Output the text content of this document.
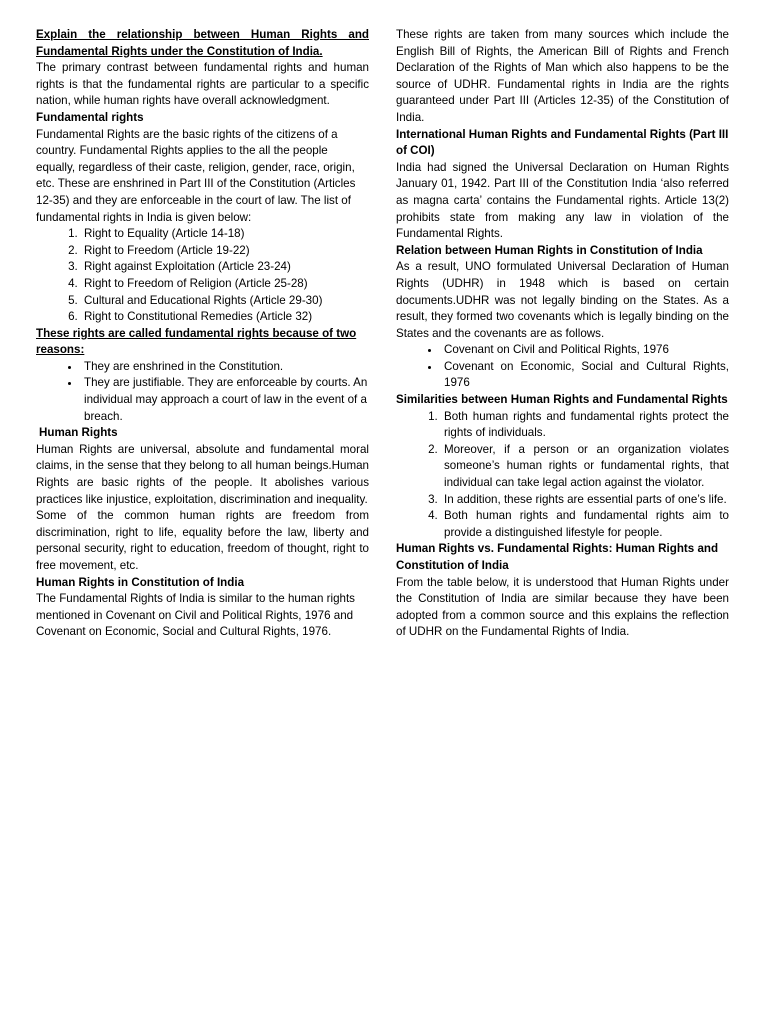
Explain the relationship between Human Rights and Fundamental Rights under the Constitution of India.

The primary contrast between fundamental rights and human rights is that the fundamental rights are particular to a specific nation, while human rights have overall acknowledgment.

Fundamental rights

Fundamental Rights are the basic rights of the citizens of a country. Fundamental Rights applies to the all the people equally, regardless of their caste, religion, gender, race, origin, etc. These are enshrined in Part III of the Constitution (Articles 12-35) and they are enforceable in the court of law. The list of fundamental rights in India is given below:

1. Right to Equality (Article 14-18)
2. Right to Freedom (Article 19-22)
3. Right against Exploitation (Article 23-24)
4. Right to Freedom of Religion (Article 25-28)
5. Cultural and Educational Rights (Article 29-30)
6. Right to Constitutional Remedies (Article 32)

These rights are called fundamental rights because of two reasons:

• They are enshrined in the Constitution.
• They are justifiable. They are enforceable by courts. An individual may approach a court of law in the event of a breach.

Human Rights

Human Rights are universal, absolute and fundamental moral claims, in the sense that they belong to all human beings.Human Rights are basic rights of the people. It abolishes various practices like injustice, exploitation, discrimination and inequality.

Some of the common human rights are freedom from discrimination, right to life, equality before the law, liberty and personal security, right to education, freedom of thought, right to free movement, etc.

Human Rights in Constitution of India

The Fundamental Rights of India is similar to the human rights mentioned in Covenant on Civil and Political Rights, 1976 and Covenant on Economic, Social and Cultural Rights, 1976.

These rights are taken from many sources which include the English Bill of Rights, the American Bill of Rights and French Declaration of the Rights of Man which also happens to be the source of UDHR. Fundamental rights in India are the rights guaranteed under Part III (Articles 12-35) of the Constitution of India.

International Human Rights and Fundamental Rights (Part III of COI)

India had signed the Universal Declaration on Human Rights January 01, 1942. Part III of the Constitution India ‘also referred as magna carta’ contains the Fundamental rights. Article 13(2) prohibits state from making any law in violation of the Fundamental Rights.

Relation between Human Rights in Constitution of India

As a result, UNO formulated Universal Declaration of Human Rights (UDHR) in 1948 which is based on certain documents.UDHR was not legally binding on the States. As a result, they formed two covenants which is legally binding on the States and the covenants are as follows.

• Covenant on Civil and Political Rights, 1976
• Covenant on Economic, Social and Cultural Rights, 1976

Similarities between Human Rights and Fundamental Rights

1. Both human rights and fundamental rights protect the rights of individuals.
2. Moreover, if a person or an organization violates someone’s human rights or fundamental rights, that individual can take legal action against the violator.
3. In addition, these rights are essential parts of one’s life.
4. Both human rights and fundamental rights aim to provide a distinguished lifestyle for people.

Human Rights vs. Fundamental Rights: Human Rights and Constitution of India

From the table below, it is understood that Human Rights under the Constitution of India are similar because they have been adopted from a common source and this explains the reflection of UDHR on the Fundamental Rights of India.
